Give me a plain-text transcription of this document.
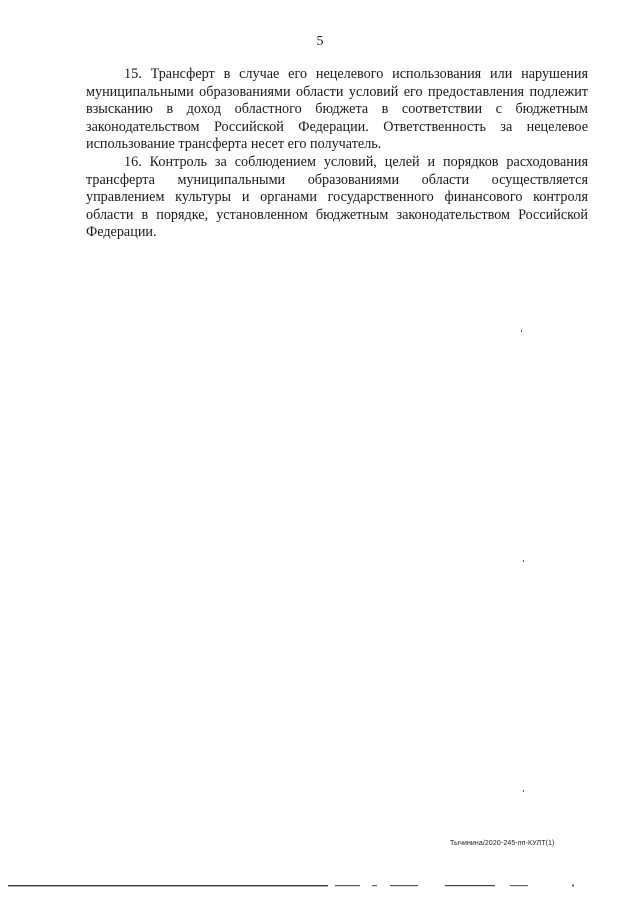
5

15. Трансферт в случае его нецелевого использования или нарушения муниципальными образованиями области условий его предоставления подлежит взысканию в доход областного бюджета в соответствии с бюджетным законодательством Российской Федерации. Ответственность за нецелевое использование трансферта несет его получатель.

16. Контроль за соблюдением условий, целей и порядков расходования трансферта муниципальными образованиями области осуществляется управлением культуры и органами государственного финансового контроля области в порядке, установленном бюджетным законодательством Российской Федерации.

Тычинина/2020-245-пп-КУЛТ(1)
